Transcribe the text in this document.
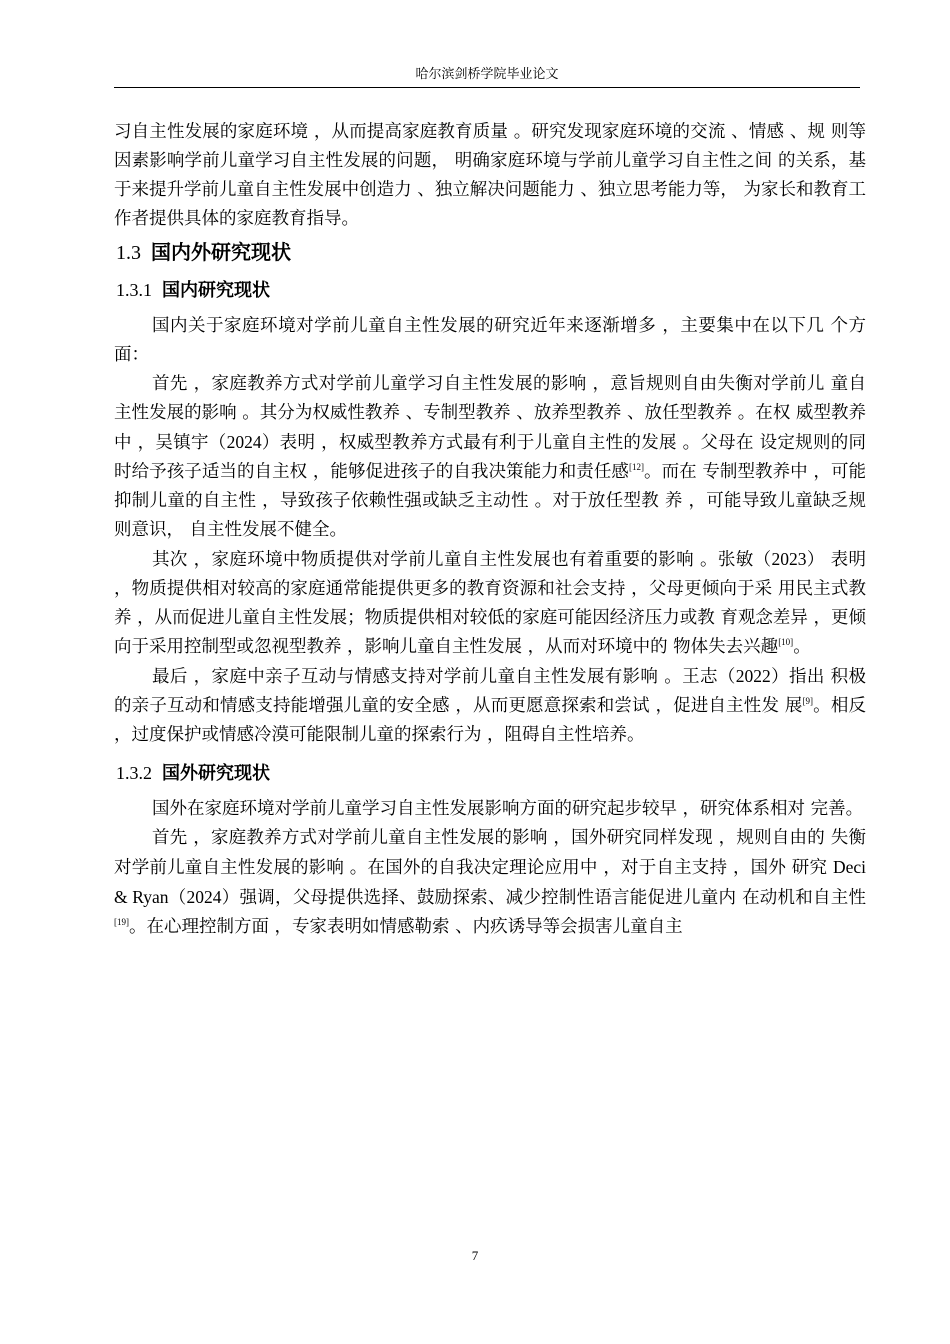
哈尔滨剑桥学院毕业论文

习自主性发展的家庭环境 ，从而提高家庭教育质量 。研究发现家庭环境的交流 、情感 、规 则等因素影响学前儿童学习自主性发展的问题， 明确家庭环境与学前儿童学习自主性之间 的关系，基于来提升学前儿童自主性发展中创造力 、独立解决问题能力 、独立思考能力等， 为家长和教育工作者提供具体的家庭教育指导。

1.3 国内外研究现状
1.3.1 国内研究现状

国内关于家庭环境对学前儿童自主性发展的研究近年来逐渐增多 ，主要集中在以下几 个方面：

首先 ，家庭教养方式对学前儿童学习自主性发展的影响 ，意旨规则自由失衡对学前儿 童自主性发展的影响 。其分为权威性教养 、专制型教养 、放养型教养 、放任型教养 。在权 威型教养中 ，吴镇宇（2024）表明 ，权威型教养方式最有利于儿童自主性的发展 。父母在 设定规则的同时给予孩子适当的自主权 ，能够促进孩子的自我决策能力和责任感[12]。而在 专制型教养中 ，可能抑制儿童的自主性 ，导致孩子依赖性强或缺乏主动性 。对于放任型教 养 ，可能导致儿童缺乏规则意识， 自主性发展不健全。

其次 ，家庭环境中物质提供对学前儿童自主性发展也有着重要的影响 。张敏（2023） 表明 ，物质提供相对较高的家庭通常能提供更多的教育资源和社会支持 ，父母更倾向于采 用民主式教养 ，从而促进儿童自主性发展；物质提供相对较低的家庭可能因经济压力或教 育观念差异 ，更倾向于采用控制型或忽视型教养 ，影响儿童自主性发展 ，从而对环境中的 物体失去兴趣[10]。

最后 ，家庭中亲子互动与情感支持对学前儿童自主性发展有影响 。王志（2022）指出 积极的亲子互动和情感支持能增强儿童的安全感 ，从而更愿意探索和尝试 ，促进自主性发 展[9]。相反 ，过度保护或情感冷漠可能限制儿童的探索行为 ，阻碍自主性培养。

1.3.2 国外研究现状

国外在家庭环境对学前儿童学习自主性发展影响方面的研究起步较早 ，研究体系相对 完善。

首先 ，家庭教养方式对学前儿童自主性发展的影响 ，国外研究同样发现 ，规则自由的 失衡对学前儿童自主性发展的影响 。在国外的自我决定理论应用中 ，对于自主支持 ，国外 研究 Deci & Ryan（2024）强调，父母提供选择、鼓励探索、减少控制性语言能促进儿童内 在动机和自主性[19]。在心理控制方面 ，专家表明如情感勒索 、内疚诱导等会损害儿童自主

7
